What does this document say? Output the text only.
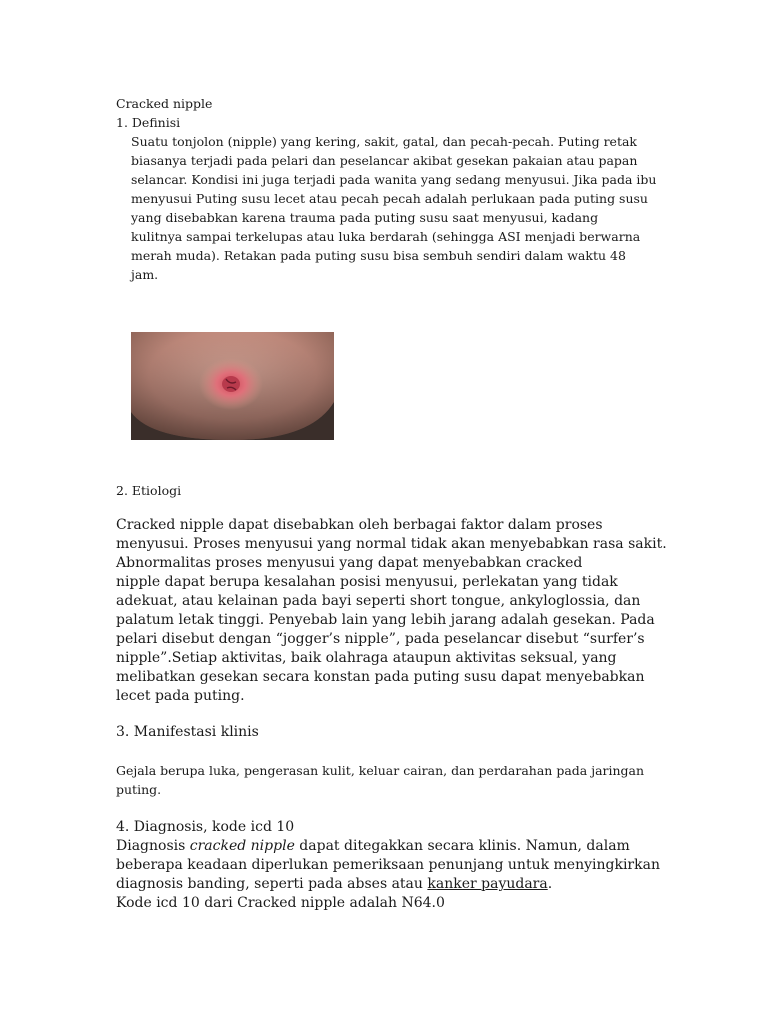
Cracked nipple
1. Definisi
Suatu tonjolon (nipple) yang kering, sakit, gatal, dan pecah-pecah. Puting retak
biasanya terjadi pada pelari dan peselancar akibat gesekan pakaian atau papan
selancar. Kondisi ini juga terjadi pada wanita yang sedang menyusui. Jika pada ibu
menyusui Puting susu lecet atau pecah pecah adalah perlukaan pada puting susu
yang disebabkan karena trauma pada puting susu saat menyusui, kadang
kulitnya sampai terkelupas atau luka berdarah (sehingga ASI menjadi berwarna
merah muda). Retakan pada puting susu bisa sembuh sendiri dalam waktu 48
jam.
2. Etiologi
Cracked nipple dapat disebabkan oleh berbagai faktor dalam proses
menyusui. Proses menyusui yang normal tidak akan menyebabkan rasa sakit.
Abnormalitas proses menyusui yang dapat menyebabkan cracked
nipple dapat berupa kesalahan posisi menyusui, perlekatan yang tidak
adekuat, atau kelainan pada bayi seperti short tongue, ankyloglossia, dan
palatum letak tinggi. Penyebab lain yang lebih jarang adalah gesekan. Pada
pelari disebut dengan “jogger’s nipple”, pada peselancar disebut “surfer’s
nipple”.Setiap aktivitas, baik olahraga ataupun aktivitas seksual, yang
melibatkan gesekan secara konstan pada puting susu dapat menyebabkan
lecet pada puting.
3. Manifestasi klinis
Gejala berupa luka, pengerasan kulit, keluar cairan, dan perdarahan pada jaringan
puting.
4. Diagnosis, kode icd 10
Diagnosis cracked nipple dapat ditegakkan secara klinis. Namun, dalam
beberapa keadaan diperlukan pemeriksaan penunjang untuk menyingkirkan
diagnosis banding, seperti pada abses atau kanker payudara.
Kode icd 10 dari Cracked nipple adalah N64.0
